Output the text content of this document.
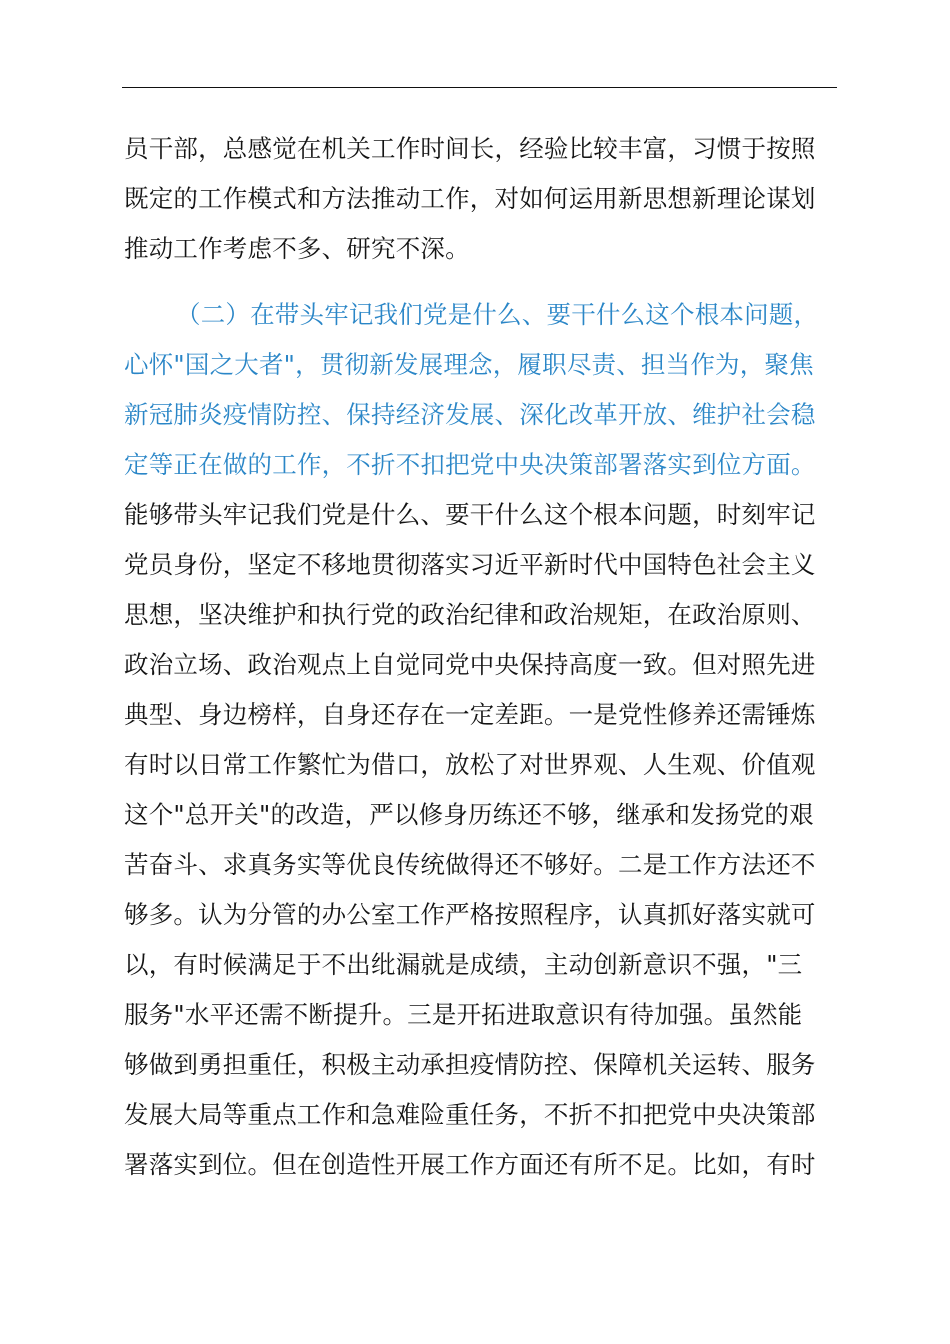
员干部，总感觉在机关工作时间长，经验比较丰富，习惯于按照
既定的工作模式和方法推动工作，对如何运用新思想新理论谋划
推动工作考虑不多、研究不深。
（二）在带头牢记我们党是什么、要干什么这个根本问题，
心怀"国之大者"，贯彻新发展理念，履职尽责、担当作为，聚焦
新冠肺炎疫情防控、保持经济发展、深化改革开放、维护社会稳
定等正在做的工作，不折不扣把党中央决策部署落实到位方面。
能够带头牢记我们党是什么、要干什么这个根本问题，时刻牢记
党员身份，坚定不移地贯彻落实习近平新时代中国特色社会主义
思想，坚决维护和执行党的政治纪律和政治规矩，在政治原则、
政治立场、政治观点上自觉同党中央保持高度一致。但对照先进
典型、身边榜样，自身还存在一定差距。一是党性修养还需锤炼
有时以日常工作繁忙为借口，放松了对世界观、人生观、价值观
这个"总开关"的改造，严以修身历练还不够，继承和发扬党的艰
苦奋斗、求真务实等优良传统做得还不够好。二是工作方法还不
够多。认为分管的办公室工作严格按照程序，认真抓好落实就可
以，有时候满足于不出纰漏就是成绩，主动创新意识不强，"三
服务"水平还需不断提升。三是开拓进取意识有待加强。虽然能
够做到勇担重任，积极主动承担疫情防控、保障机关运转、服务
发展大局等重点工作和急难险重任务，不折不扣把党中央决策部
署落实到位。但在创造性开展工作方面还有所不足。比如，有时
